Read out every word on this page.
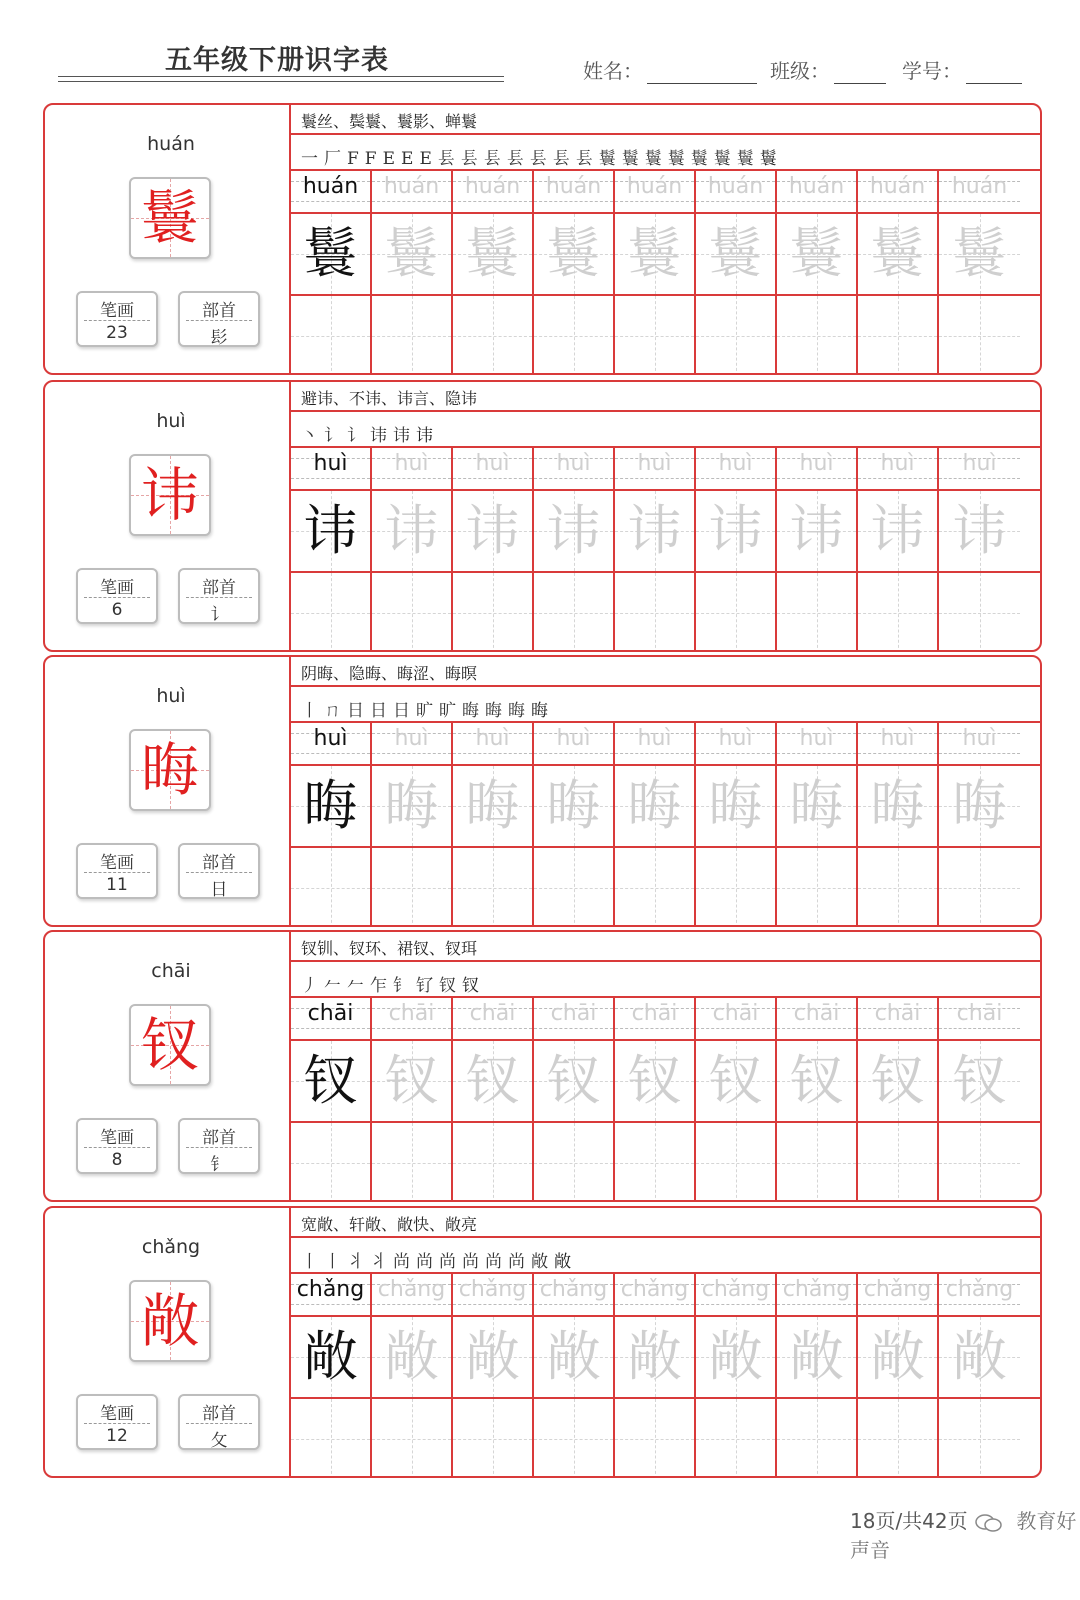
五年级下册识字表	姓名：	班级：	学号：
huán
鬟
笔画
23
部首
髟
鬟丝、鬓鬟、鬟影、蝉鬟
一 厂 F F E E E 镸 镸 镸 镸 镸 镸 镸 鬟 鬟 鬟 鬟 鬟 鬟 鬟 鬟
huán	huán	huán	huán	huán	huán	huán	huán	huán
鬟 鬟 鬟 鬟 鬟 鬟 鬟 鬟 鬟
huì
讳
笔画
6
部首
讠
避讳、不讳、讳言、隐讳
丶 讠 讠 讳 讳 讳
huì	huì	huì	huì	huì	huì	huì	huì	huì
讳 讳 讳 讳 讳 讳 讳 讳 讳
huì
晦
笔画
11
部首
日
阴晦、隐晦、晦涩、晦暝
丨 ㄇ 日 日 日 旷 旷 晦 晦 晦 晦
huì	huì	huì	huì	huì	huì	huì	huì	huì
晦 晦 晦 晦 晦 晦 晦 晦 晦
chāi
钗
笔画
8
部首
钅
钗钏、钗环、裙钗、钗珥
丿 𠂉 𠂉 乍 钅 钌 钗 钗
chāi	chāi	chāi	chāi	chāi	chāi	chāi	chāi	chāi
钗 钗 钗 钗 钗 钗 钗 钗 钗
chǎng
敞
笔画
12
部首
攵
宽敞、轩敞、敞快、敞亮
丨 丨 丬 丬 尚 尚 尚 尚 尚 尚 敞 敞
chǎng chǎng chǎng chǎng chǎng chǎng chǎng chǎng chǎng
敞 敞 敞 敞 敞 敞 敞 敞 敞
18页/共42页 教育好声音
